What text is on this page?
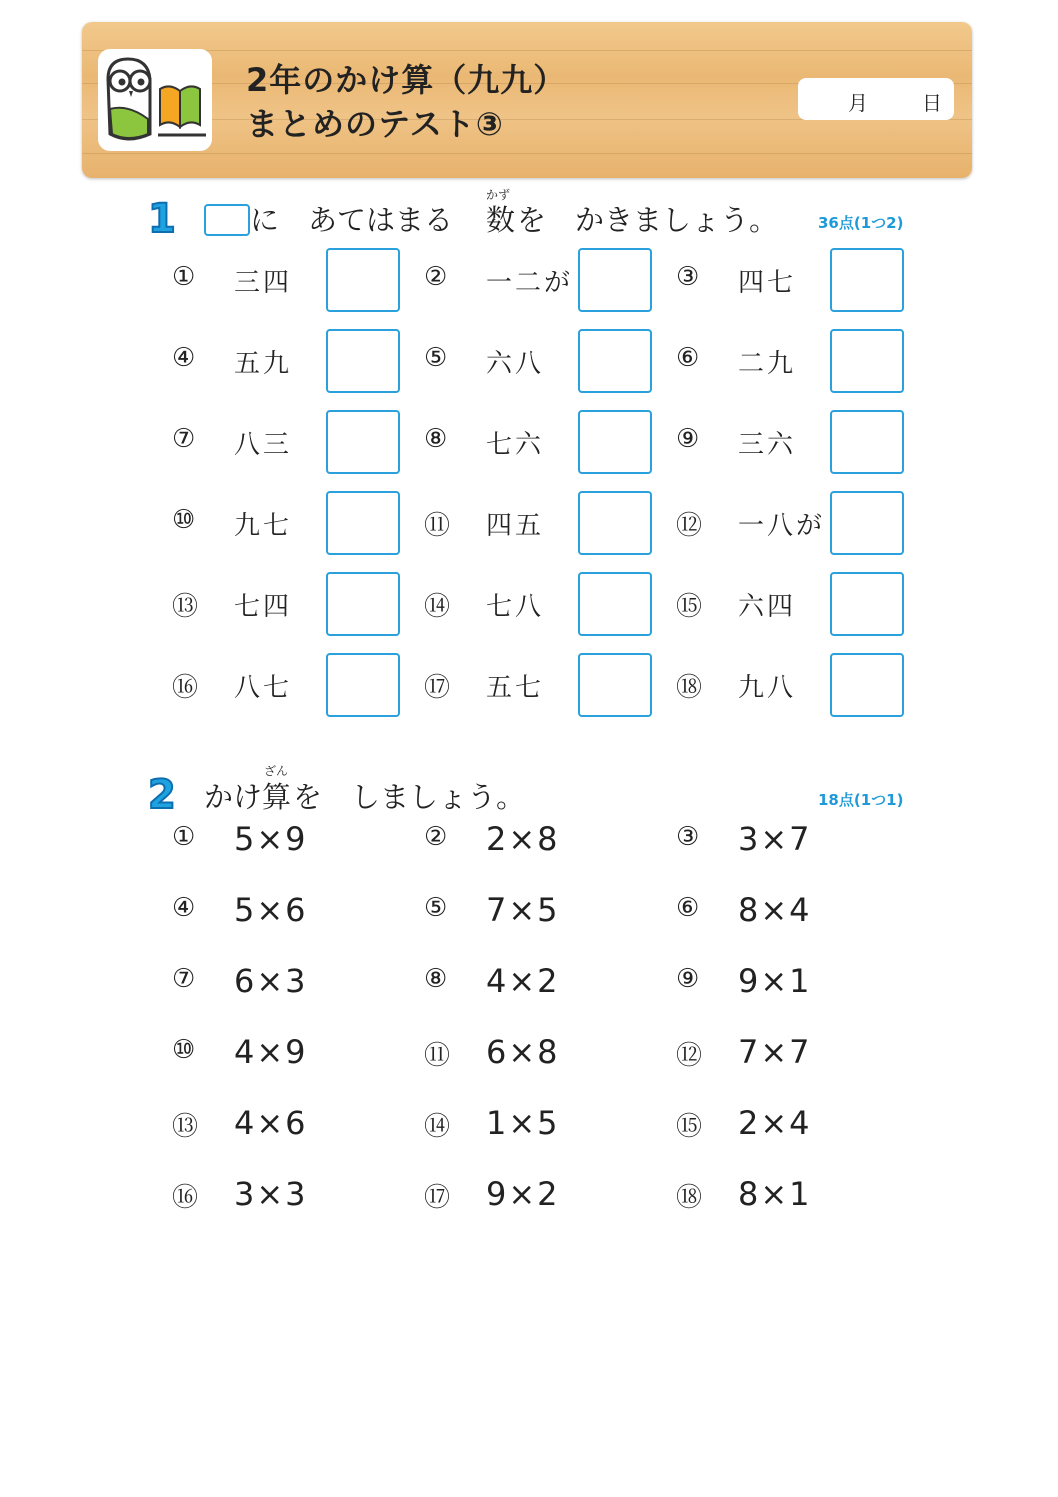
2年のかけ算（九九）
まとめのテスト③
月	日
1	に　あてはまる
かず
数 を　かきましょう。	36点(1つ2)
① 三四	② 一二が	③ 四七
④ 五九	⑤ 六八	⑥ 二九
⑦ 八三	⑧ 七六	⑨ 三六
⑩ 九七	⑪ 四五	⑫ 一八が
⑬ 七四	⑭ 七八	⑮ 六四
⑯ 八七	⑰ 五七	⑱ 九八
2 かけ
ざん
算 を　しましょう。	18点(1つ1)
① 5×9	② 2×8	③ 3×7
④ 5×6	⑤ 7×5	⑥ 8×4
⑦ 6×3	⑧ 4×2	⑨ 9×1
⑩ 4×9	⑪ 6×8	⑫ 7×7
⑬ 4×6	⑭ 1×5	⑮ 2×4
⑯ 3×3	⑰ 9×2	⑱ 8×1
